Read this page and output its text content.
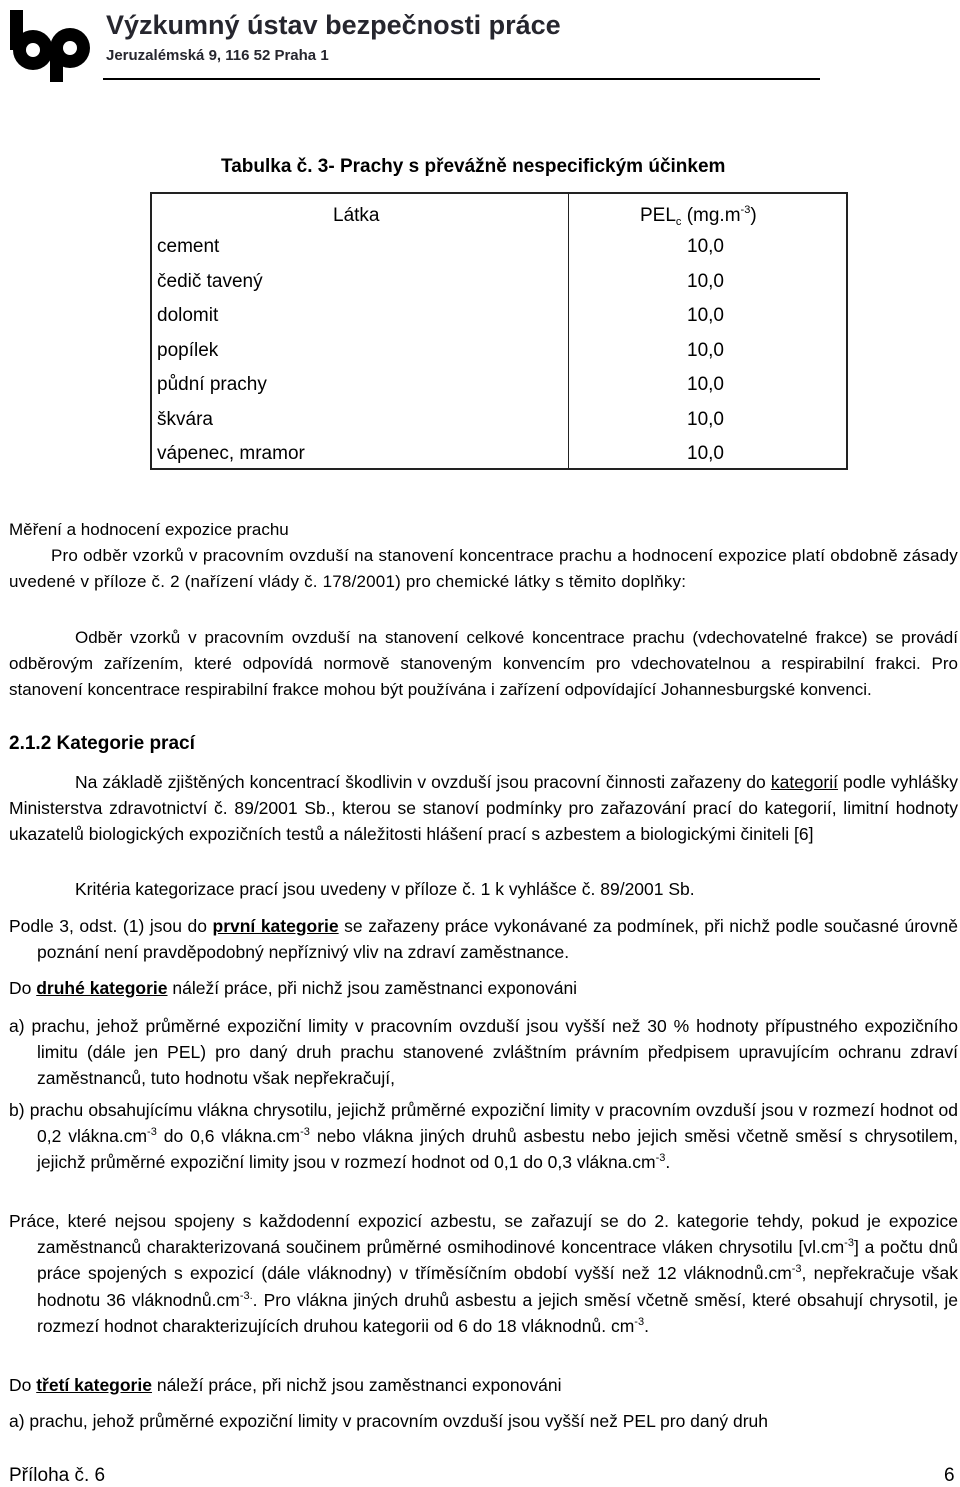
Výzkumný ústav bezpečnosti práce
Jeruzalémská 9, 116 52 Praha 1
Tabulka č. 3- Prachy s převážně nespecifickým účinkem
Látka	$PEL_c$ $(mg.m^{-3})$
cement	10,0
čedič tavený	10,0
dolomit	10,0
popílek	10,0
půdní prachy	10,0
škvára	10,0
vápenec, mramor	10,0

Měření a hodnocení expozice prachu

Pro odběr vzorků v pracovním ovzduší na stanovení koncentrace prachu a hodnocení expozice platí obdobně zásady uvedené v příloze č. 2 (nařízení vlády č. 178/2001) pro chemické látky s těmito doplňky:

Odběr vzorků v pracovním ovzduší na stanovení celkové koncentrace prachu (vdechovatelné frakce) se provádí odběrovým zařízením, které odpovídá normově stanoveným konvencím pro vdechovatelnou a respirabilní frakci. Pro stanovení koncentrace respirabilní frakce mohou být používána i zařízení odpovídající Johannesburgské konvenci.

2.1.2 Kategorie prací

Na základě zjištěných koncentrací škodlivin v ovzduší jsou pracovní činnosti zařazeny do kategorií podle vyhlášky Ministerstva zdravotnictví č. 89/2001 Sb., kterou se stanoví podmínky pro zařazování prací do kategorií, limitní hodnoty ukazatelů biologických expozičních testů a náležitosti hlášení prací s azbestem a biologickými činiteli [6]

Kritéria kategorizace prací jsou uvedeny v příloze č. 1 k vyhlášce č. 89/2001 Sb.

Podle 3, odst. (1) jsou do první kategorie se zařazeny práce vykonávané za podmínek, při nichž podle současné úrovně poznání není pravděpodobný nepříznivý vliv na zdraví zaměstnance.

Do druhé kategorie náleží práce, při nichž jsou zaměstnanci exponováni

a) prachu, jehož průměrné expoziční limity v pracovním ovzduší jsou vyšší než 30 % hodnoty přípustného expozičního limitu (dále jen PEL) pro daný druh prachu stanovené zvláštním právním předpisem upravujícím ochranu zdraví zaměstnanců, tuto hodnotu však nepřekračují,

b) prachu obsahujícímu vlákna chrysotilu, jejichž průměrné expoziční limity v pracovním ovzduší jsou v rozmezí hodnot od 0,2 $vlákna.cm^{-3}$ do 0,6 $vlákna.cm^{-3}$ nebo vlákna jiných druhů asbestu nebo jejich směsi včetně směsí s chrysotilem, jejichž průměrné expoziční limity jsou v rozmezí hodnot od 0,1 do 0,3 $vlákna.cm^{-3}$.

Práce, které nejsou spojeny s každodenní expozicí azbestu, se zařazují se do 2. kategorie tehdy, pokud je expozice zaměstnanců charakterizovaná součinem průměrné osmihodinové koncentrace vláken chrysotilu $[vl.cm^{-3}]$ a počtu dnů práce spojených s expozicí (dále vláknodny) v tříměsíčním období vyšší než 12 $vláknodnů.cm^{-3}$, nepřekračuje však hodnotu 36 $vláknodnů.cm^{-3.}$. Pro vlákna jiných druhů asbestu a jejich směsí včetně směsí, které obsahují chrysotil, je rozmezí hodnot charakterizujících druhou kategorii od 6 do 18 vláknodnů. $cm^{-3}$.

Do třetí kategorie náleží práce, při nichž jsou zaměstnanci exponováni

a) prachu, jehož průměrné expoziční limity v pracovním ovzduší jsou vyšší než PEL pro daný druh

Příloha č. 6	6
